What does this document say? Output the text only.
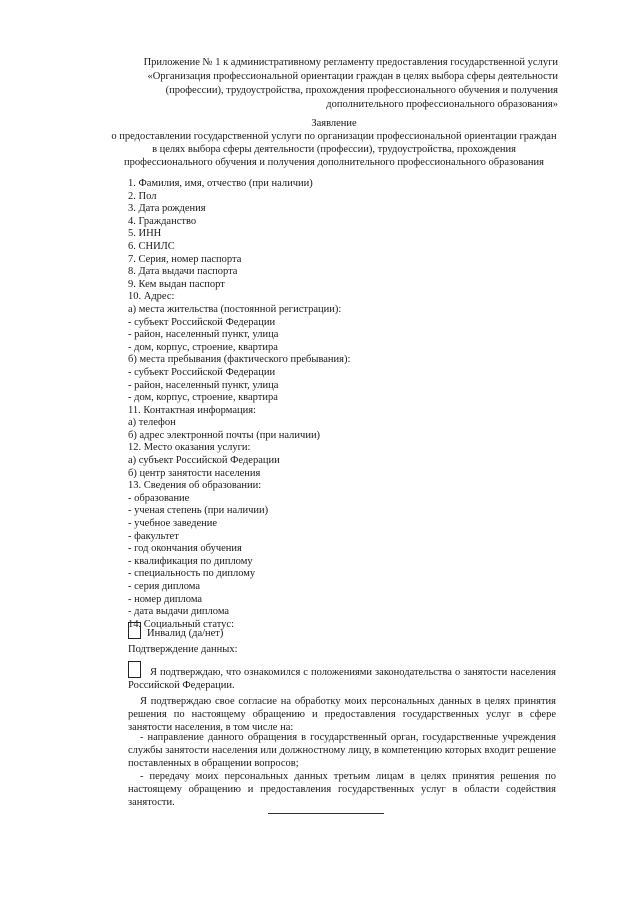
Приложение № 1 к административному регламенту предоставления государственной услуги
«Организация профессиональной ориентации граждан в целях выбора сферы деятельности
(профессии), трудоустройства, прохождения профессионального обучения и получения
дополнительного профессионального образования»
Заявление
о предоставлении государственной услуги по организации профессиональной ориентации граждан
в целях выбора сферы деятельности (профессии), трудоустройства, прохождения
профессионального обучения и получения дополнительного профессионального образования
1. Фамилия, имя, отчество (при наличии)
2. Пол
3. Дата рождения
4. Гражданство
5. ИНН
6. СНИЛС
7. Серия, номер паспорта
8. Дата выдачи паспорта
9. Кем выдан паспорт
10. Адрес:
а) места жительства (постоянной регистрации):
- субъект Российской Федерации
- район, населенный пункт, улица
- дом, корпус, строение, квартира
б) места пребывания (фактического пребывания):
- субъект Российской Федерации
- район, населенный пункт, улица
- дом, корпус, строение, квартира
11. Контактная информация:
а) телефон
б) адрес электронной почты (при наличии)
12. Место оказания услуги:
а) субъект Российской Федерации
б) центр занятости населения
13. Сведения об образовании:
- образование
- ученая степень (при наличии)
- учебное заведение
- факультет
- год окончания обучения
- квалификация по диплому
- специальность по диплому
- серия диплома
- номер диплома
- дата выдачи диплома
14. Социальный статус:
Инвалид (да/нет)
Подтверждение данных:
Я подтверждаю, что ознакомился с положениями законодательства о занятости населения Российской Федерации.
Я подтверждаю свое согласие на обработку моих персональных данных в целях принятия решения по настоящему обращению и предоставления государственных услуг в сфере занятости населения, в том числе на:
- направление данного обращения в государственный орган, государственные учреждения службы занятости населения или должностному лицу, в компетенцию которых входит решение поставленных в обращении вопросов;
- передачу моих персональных данных третьим лицам в целях принятия решения по настоящему обращению и предоставления государственных услуг в области содействия занятости.
